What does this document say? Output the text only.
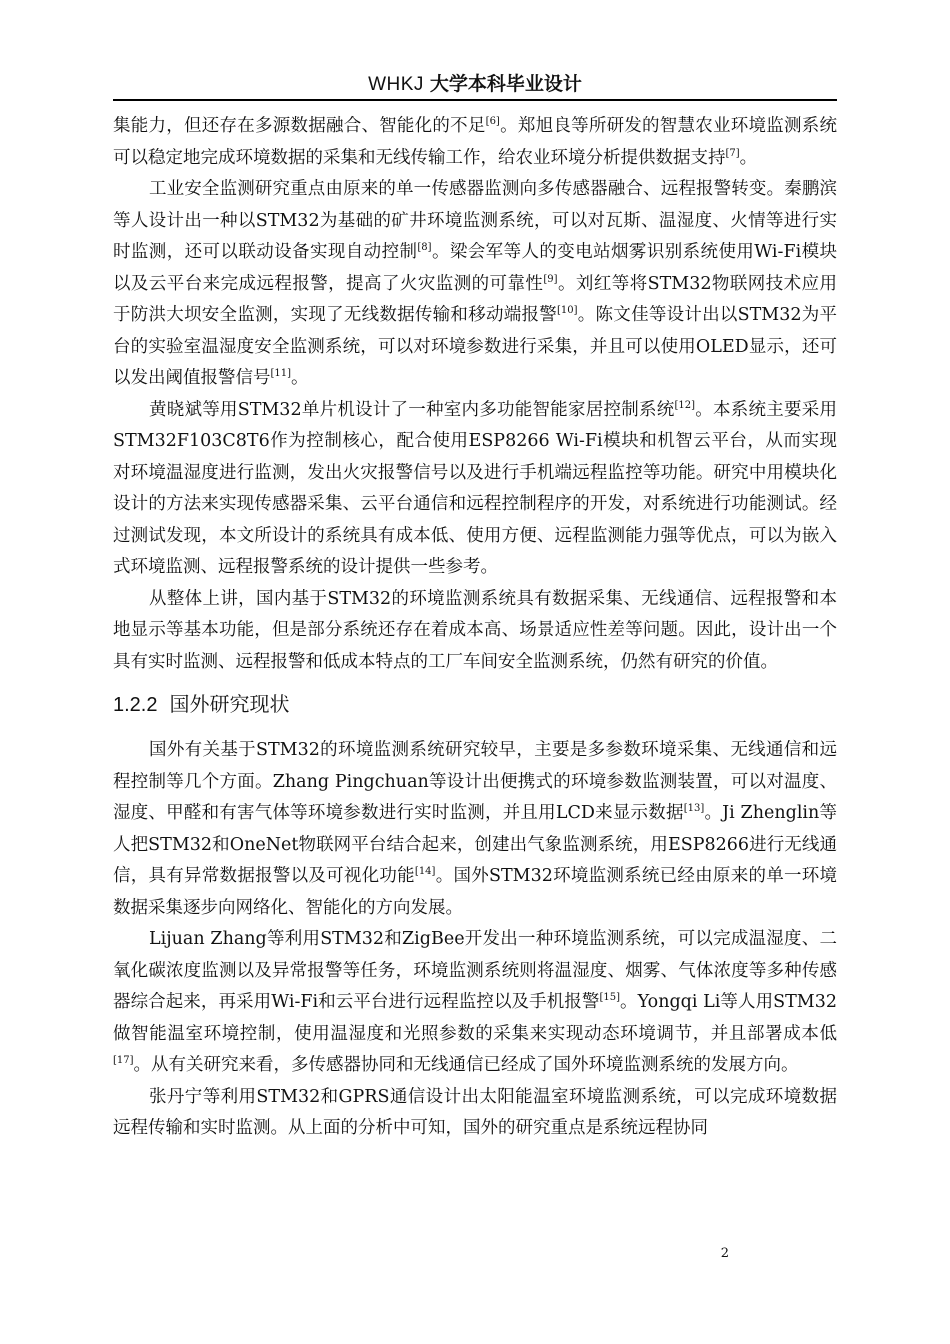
WHKJ 大学本科毕业设计

集能力，但还存在多源数据融合、智能化的不足[6]。郑旭良等所研发的智慧农业环境监测系统可以稳定地完成环境数据的采集和无线传输工作，给农业环境分析提供数据支持[7]。

工业安全监测研究重点由原来的单一传感器监测向多传感器融合、远程报警转变。秦鹏滨等人设计出一种以STM32为基础的矿井环境监测系统，可以对瓦斯、温湿度、火情等进行实时监测，还可以联动设备实现自动控制[8]。梁会军等人的变电站烟雾识别系统使用Wi-Fi模块以及云平台来完成远程报警，提高了火灾监测的可靠性[9]。刘红等将STM32物联网技术应用于防洪大坝安全监测，实现了无线数据传输和移动端报警[10]。陈文佳等设计出以STM32为平台的实验室温湿度安全监测系统，可以对环境参数进行采集，并且可以使用OLED显示，还可以发出阈值报警信号[11]。

黄晓斌等用STM32单片机设计了一种室内多功能智能家居控制系统[12]。本系统主要采用STM32F103C8T6作为控制核心，配合使用ESP8266 Wi-Fi模块和机智云平台，从而实现对环境温湿度进行监测，发出火灾报警信号以及进行手机端远程监控等功能。研究中用模块化设计的方法来实现传感器采集、云平台通信和远程控制程序的开发，对系统进行功能测试。经过测试发现，本文所设计的系统具有成本低、使用方便、远程监测能力强等优点，可以为嵌入式环境监测、远程报警系统的设计提供一些参考。

从整体上讲，国内基于STM32的环境监测系统具有数据采集、无线通信、远程报警和本地显示等基本功能，但是部分系统还存在着成本高、场景适应性差等问题。因此，设计出一个具有实时监测、远程报警和低成本特点的工厂车间安全监测系统，仍然有研究的价值。

1.2.2 国外研究现状

国外有关基于STM32的环境监测系统研究较早，主要是多参数环境采集、无线通信和远程控制等几个方面。Zhang Pingchuan等设计出便携式的环境参数监测装置，可以对温度、湿度、甲醛和有害气体等环境参数进行实时监测，并且用LCD来显示数据[13]。Ji Zhenglin等人把STM32和OneNet物联网平台结合起来，创建出气象监测系统，用ESP8266进行无线通信，具有异常数据报警以及可视化功能[14]。国外STM32环境监测系统已经由原来的单一环境数据采集逐步向网络化、智能化的方向发展。

Lijuan Zhang等利用STM32和ZigBee开发出一种环境监测系统，可以完成温湿度、二氧化碳浓度监测以及异常报警等任务，环境监测系统则将温湿度、烟雾、气体浓度等多种传感器综合起来，再采用Wi-Fi和云平台进行远程监控以及手机报警[15]。Yongqi Li等人用STM32做智能温室环境控制，使用温湿度和光照参数的采集来实现动态环境调节，并且部署成本低[17]。从有关研究来看，多传感器协同和无线通信已经成了国外环境监测系统的发展方向。

张丹宁等利用STM32和GPRS通信设计出太阳能温室环境监测系统，可以完成环境数据远程传输和实时监测。从上面的分析中可知，国外的研究重点是系统远程协同

2
